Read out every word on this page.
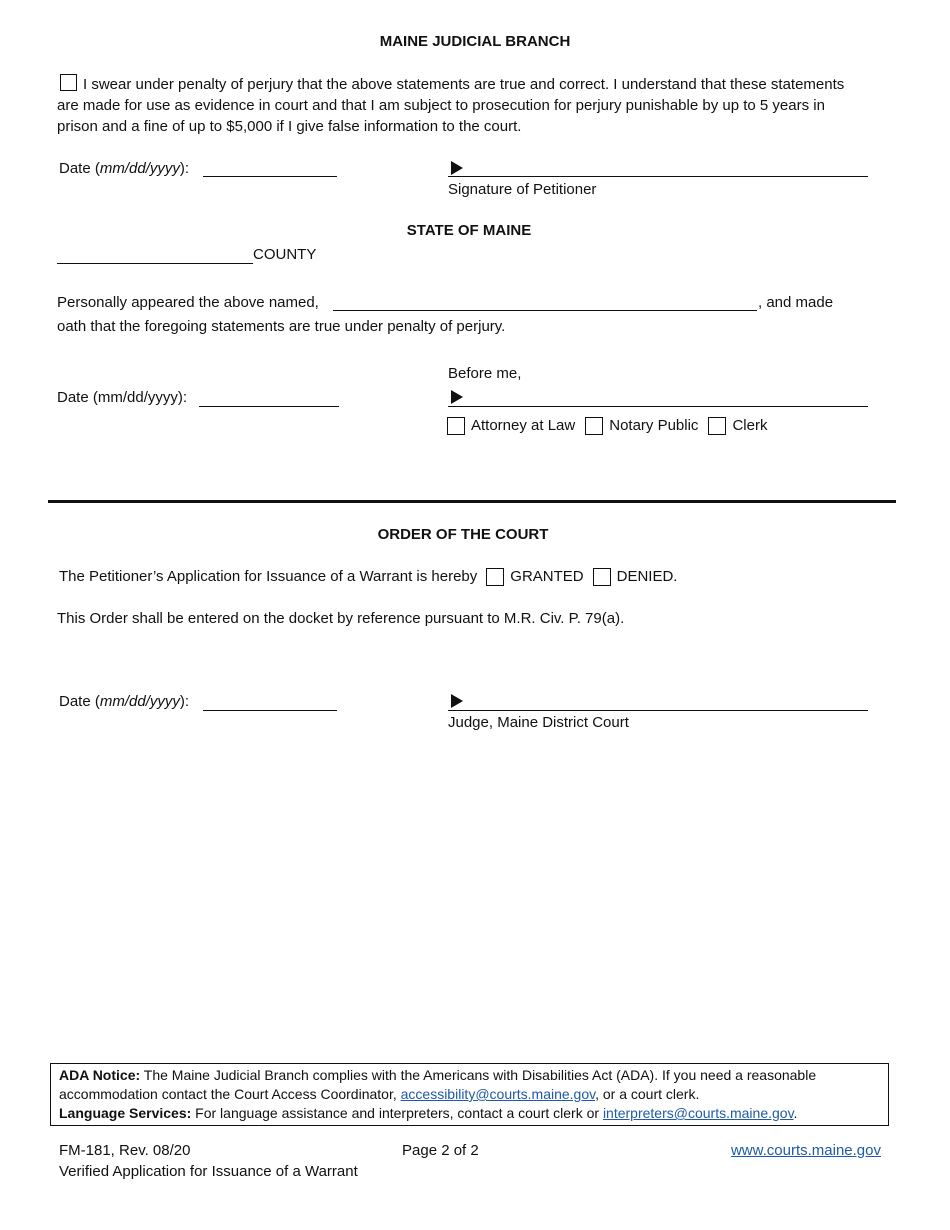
MAINE JUDICIAL BRANCH
I swear under penalty of perjury that the above statements are true and correct. I understand that these statements are made for use as evidence in court and that I am subject to prosecution for perjury punishable by up to 5 years in prison and a fine of up to $5,000 if I give false information to the court.
Date (mm/dd/yyyy):
Signature of Petitioner
STATE OF MAINE
COUNTY
Personally appeared the above named,	, and made
oath that the foregoing statements are true under penalty of perjury.
Before me,
Date (mm/dd/yyyy):
Attorney at Law Notary Public Clerk
ORDER OF THE COURT
The Petitioner’s Application for Issuance of a Warrant is hereby GRANTED DENIED.
This Order shall be entered on the docket by reference pursuant to M.R. Civ. P. 79(a).
Date (mm/dd/yyyy):
Judge, Maine District Court
ADA Notice: The Maine Judicial Branch complies with the Americans with Disabilities Act (ADA). If you need a reasonable accommodation contact the Court Access Coordinator, accessibility@courts.maine.gov, or a court clerk.
Language Services: For language assistance and interpreters, contact a court clerk or interpreters@courts.maine.gov.
FM-181, Rev. 08/20
Verified Application for Issuance of a Warrant
Page 2 of 2	www.courts.maine.gov
